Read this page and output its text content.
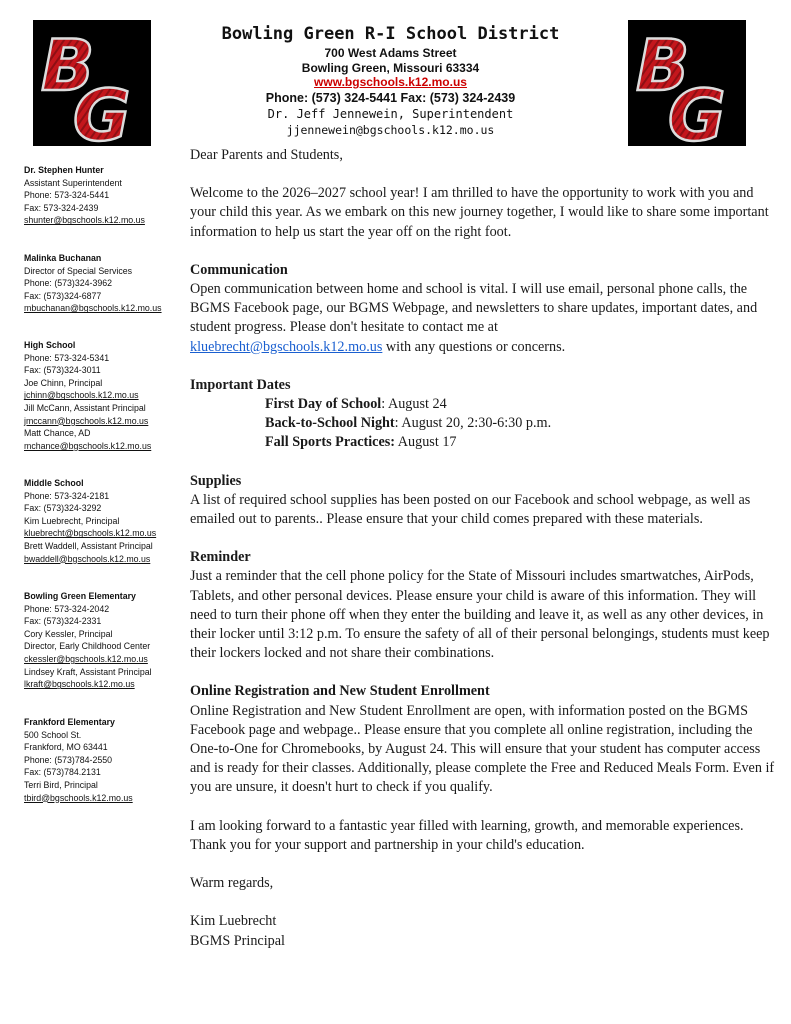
B
G
B
G
Bowling Green R-I School District
700 West Adams Street
Bowling Green, Missouri 63334
www.bgschools.k12.mo.us
Phone: (573) 324-5441 Fax: (573) 324-2439
Dr. Jeff Jennewein, Superintendent
jjennewein@bgschools.k12.mo.us
Dr. Stephen Hunter
Assistant Superintendent
Phone: 573-324-5441
Fax: 573-324-2439
shunter@bgschools.k12.mo.us
Malinka Buchanan
Director of Special Services
Phone: (573)324-3962
Fax: (573)324-6877
mbuchanan@bgschools.k12.mo.us
High School
Phone: 573-324-5341
Fax: (573)324-3011
Joe Chinn, Principal
jchinn@bgschools.k12.mo.us
Jill McCann, Assistant Principal
jmccann@bgschools.k12.mo.us
Matt Chance, AD
mchance@bgschools.k12.mo.us
Middle School
Phone: 573-324-2181
Fax: (573)324-3292
Kim Luebrecht, Principal
kluebrecht@bgschools.k12.mo.us
Brett Waddell, Assistant Principal
bwaddell@bgschools.k12.mo.us
Bowling Green Elementary
Phone: 573-324-2042
Fax: (573)324-2331
Cory Kessler, Principal
Director, Early Childhood Center
ckessler@bgschools.k12.mo.us
Lindsey Kraft, Assistant Principal
lkraft@bgschools.k12.mo.us
Frankford Elementary
500 School St.
Frankford, MO 63441
Phone: (573)784-2550
Fax: (573)784.2131
Terri Bird, Principal
tbird@bgschools.k12.mo.us

Dear Parents and Students,

Welcome to the 2026–2027 school year! I am thrilled to have the opportunity to work with you and your child this year. As we embark on this new journey together, I would like to share some important information to help us start the year off on the right foot.

Communication

Open communication between home and school is vital. I will use email, personal phone calls, the BGMS Facebook page, our BGMS Webpage, and newsletters to share updates, important dates, and student progress. Please don't hesitate to contact me at
kluebrecht@bgschools.k12.mo.us with any questions or concerns.

Important Dates

First Day of School: August 24

Back-to-School Night: August 20, 2:30-6:30 p.m.

Fall Sports Practices: August 17

Supplies

A list of required school supplies has been posted on our Facebook and school webpage, as well as emailed out to parents.. Please ensure that your child comes prepared with these materials.

Reminder

Just a reminder that the cell phone policy for the State of Missouri includes smartwatches, AirPods, Tablets, and other personal devices. Please ensure your child is aware of this information. They will need to turn their phone off when they enter the building and leave it, as well as any other devices, in their locker until 3:12 p.m. To ensure the safety of all of their personal belongings, students must keep their lockers locked and not share their combinations.

Online Registration and New Student Enrollment

Online Registration and New Student Enrollment are open, with information posted on the BGMS Facebook page and webpage.. Please ensure that you complete all online registration, including the One-to-One for Chromebooks, by August 24. This will ensure that your student has computer access and is ready for their classes. Additionally, please complete the Free and Reduced Meals Form. Even if you are unsure, it doesn't hurt to check if you qualify.

I am looking forward to a fantastic year filled with learning, growth, and memorable experiences. Thank you for your support and partnership in your child's education.

Warm regards,

Kim Luebrecht

BGMS Principal
